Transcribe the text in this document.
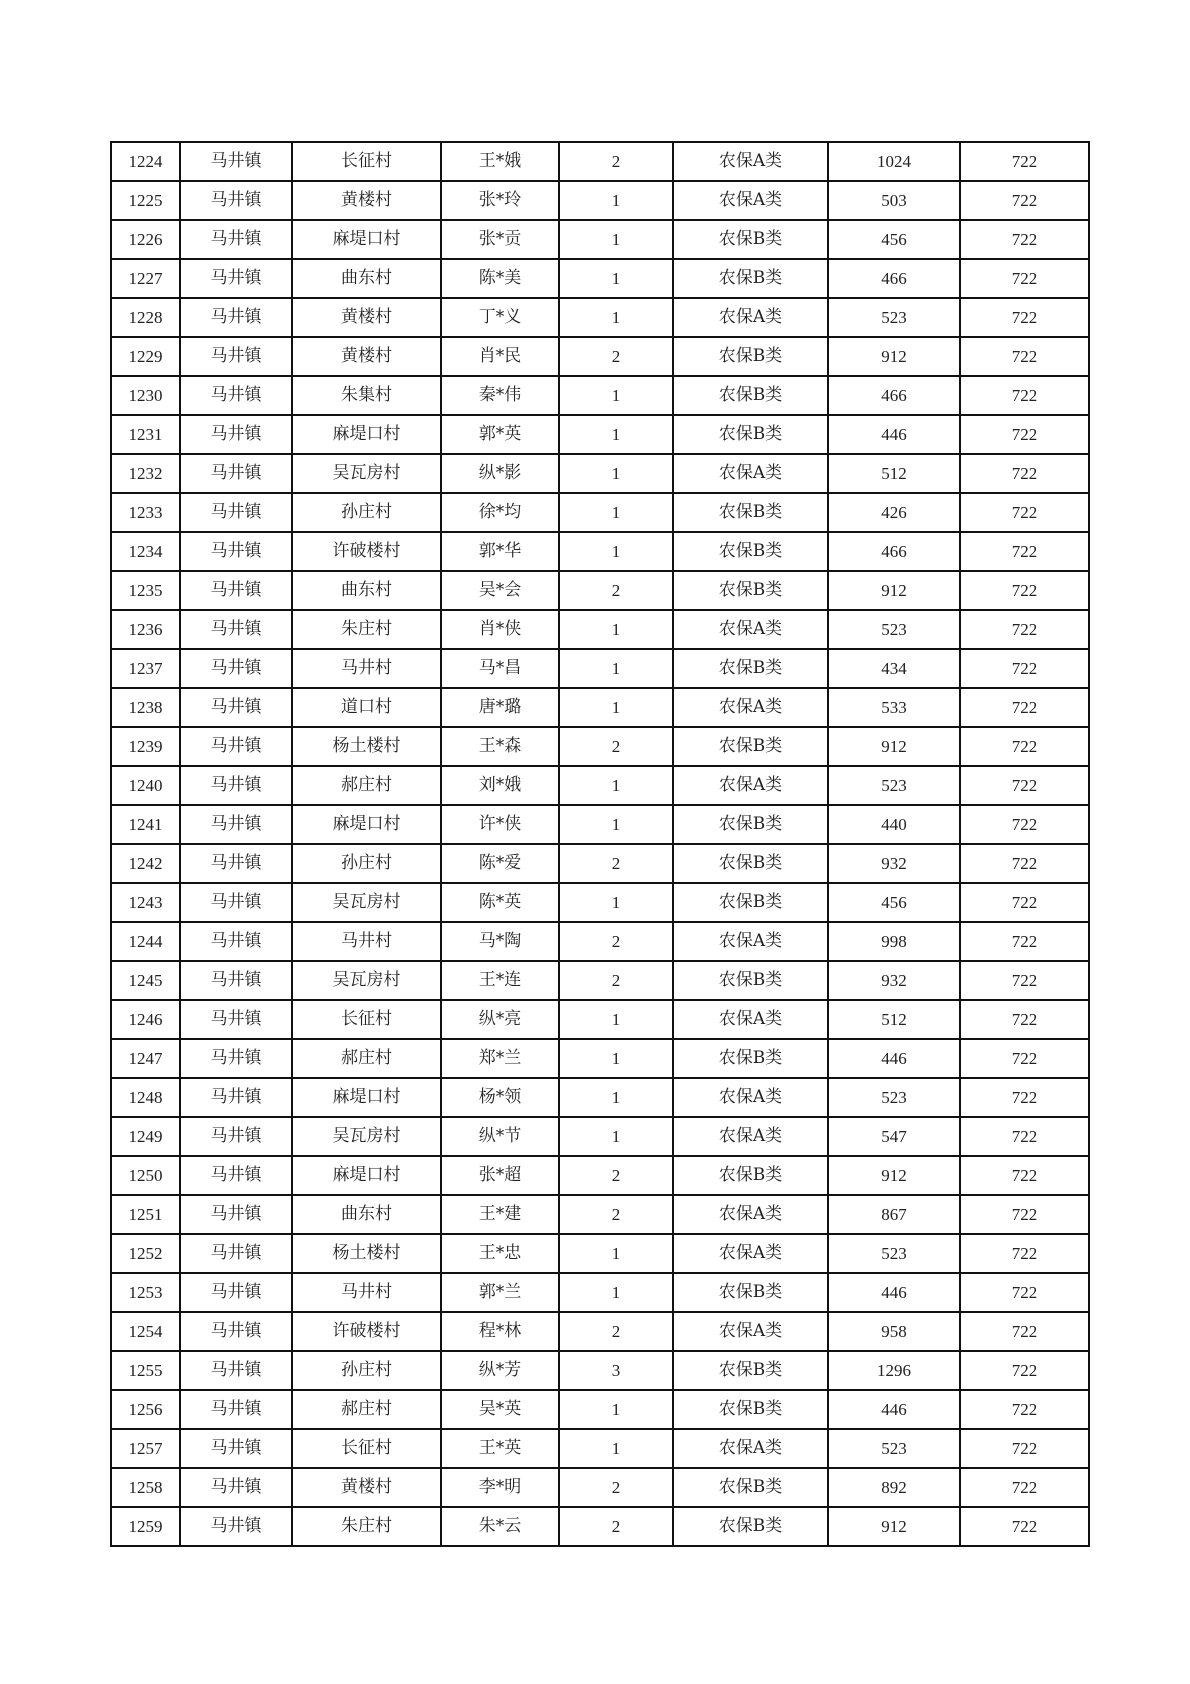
1224	马井镇	长征村	王*娥	2	农保A类	1024	722
1225	马井镇	黄楼村	张*玲	1	农保A类	503	722
1226	马井镇	麻堤口村	张*贡	1	农保B类	456	722
1227	马井镇	曲东村	陈*美	1	农保B类	466	722
1228	马井镇	黄楼村	丁*义	1	农保A类	523	722
1229	马井镇	黄楼村	肖*民	2	农保B类	912	722
1230	马井镇	朱集村	秦*伟	1	农保B类	466	722
1231	马井镇	麻堤口村	郭*英	1	农保B类	446	722
1232	马井镇	吴瓦房村	纵*影	1	农保A类	512	722
1233	马井镇	孙庄村	徐*均	1	农保B类	426	722
1234	马井镇	许破楼村	郭*华	1	农保B类	466	722
1235	马井镇	曲东村	吴*会	2	农保B类	912	722
1236	马井镇	朱庄村	肖*侠	1	农保A类	523	722
1237	马井镇	马井村	马*昌	1	农保B类	434	722
1238	马井镇	道口村	唐*璐	1	农保A类	533	722
1239	马井镇	杨土楼村	王*森	2	农保B类	912	722
1240	马井镇	郝庄村	刘*娥	1	农保A类	523	722
1241	马井镇	麻堤口村	许*侠	1	农保B类	440	722
1242	马井镇	孙庄村	陈*爱	2	农保B类	932	722
1243	马井镇	吴瓦房村	陈*英	1	农保B类	456	722
1244	马井镇	马井村	马*陶	2	农保A类	998	722
1245	马井镇	吴瓦房村	王*连	2	农保B类	932	722
1246	马井镇	长征村	纵*亮	1	农保A类	512	722
1247	马井镇	郝庄村	郑*兰	1	农保B类	446	722
1248	马井镇	麻堤口村	杨*领	1	农保A类	523	722
1249	马井镇	吴瓦房村	纵*节	1	农保A类	547	722
1250	马井镇	麻堤口村	张*超	2	农保B类	912	722
1251	马井镇	曲东村	王*建	2	农保A类	867	722
1252	马井镇	杨土楼村	王*忠	1	农保A类	523	722
1253	马井镇	马井村	郭*兰	1	农保B类	446	722
1254	马井镇	许破楼村	程*林	2	农保A类	958	722
1255	马井镇	孙庄村	纵*芳	3	农保B类	1296	722
1256	马井镇	郝庄村	吴*英	1	农保B类	446	722
1257	马井镇	长征村	王*英	1	农保A类	523	722
1258	马井镇	黄楼村	李*明	2	农保B类	892	722
1259	马井镇	朱庄村	朱*云	2	农保B类	912	722
